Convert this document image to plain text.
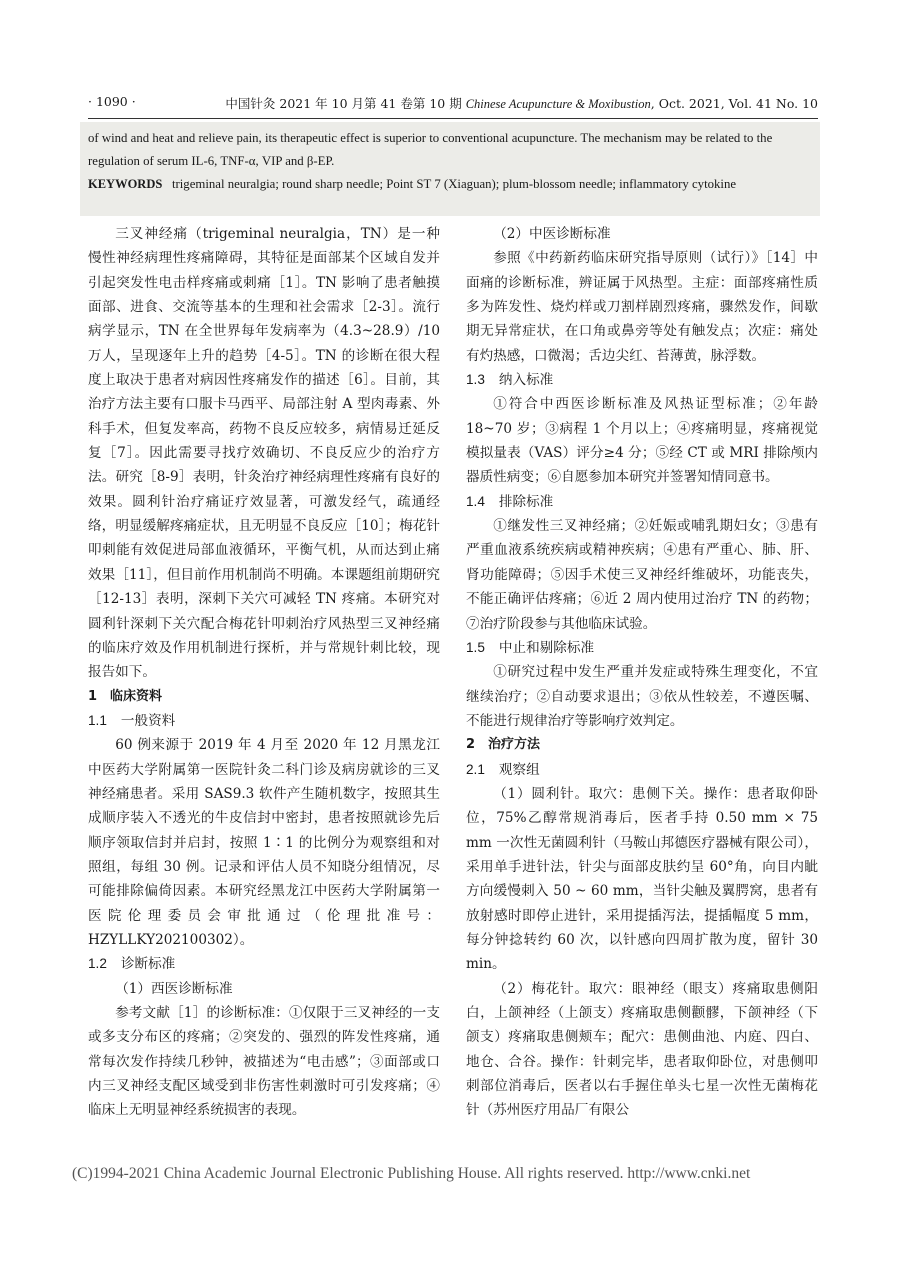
· 1090 ·	中国针灸 2021 年 10 月第 41 卷第 10 期 Chinese Acupuncture & Moxibustion, Oct. 2021, Vol. 41 No. 10
of wind and heat and relieve pain, its therapeutic effect is superior to conventional acupuncture. The mechanism may be related to the regulation of serum IL-6, TNF-α, VIP and β-EP.
KEYWORDS trigeminal neuralgia; round sharp needle; Point ST 7 (Xiaguan); plum-blossom needle; inflammatory cytokine

三叉神经痛（trigeminal neuralgia，TN）是一种慢性神经病理性疼痛障碍，其特征是面部某个区域自发并引起突发性电击样疼痛或刺痛［1］。TN 影响了患者触摸面部、进食、交流等基本的生理和社会需求［2-3］。流行病学显示，TN 在全世界每年发病率为（4.3~28.9）/10 万人，呈现逐年上升的趋势［4-5］。TN 的诊断在很大程度上取决于患者对病因性疼痛发作的描述［6］。目前，其治疗方法主要有口服卡马西平、局部注射 A 型肉毒素、外科手术，但复发率高，药物不良反应较多，病情易迁延反复［7］。因此需要寻找疗效确切、不良反应少的治疗方法。研究［8-9］表明，针灸治疗神经病理性疼痛有良好的效果。圆利针治疗痛证疗效显著，可激发经气，疏通经络，明显缓解疼痛症状，且无明显不良反应［10］；梅花针叩刺能有效促进局部血液循环，平衡气机，从而达到止痛效果［11］，但目前作用机制尚不明确。本课题组前期研究［12-13］表明，深刺下关穴可减轻 TN 疼痛。本研究对圆利针深刺下关穴配合梅花针叩刺治疗风热型三叉神经痛的临床疗效及作用机制进行探析，并与常规针刺比较，现报告如下。

1　临床资料

1.1 一般资料

60 例来源于 2019 年 4 月至 2020 年 12 月黑龙江中医药大学附属第一医院针灸二科门诊及病房就诊的三叉神经痛患者。采用 SAS9.3 软件产生随机数字，按照其生成顺序装入不透光的牛皮信封中密封，患者按照就诊先后顺序领取信封并启封，按照 1∶1 的比例分为观察组和对照组，每组 30 例。记录和评估人员不知晓分组情况，尽可能排除偏倚因素。本研究经黑龙江中医药大学附属第一医院伦理委员会审批通过（伦理批准号：HZYLLKY202100302）。

1.2 诊断标准

（1）西医诊断标准

参考文献［1］的诊断标准：①仅限于三叉神经的一支或多支分布区的疼痛；②突发的、强烈的阵发性疼痛，通常每次发作持续几秒钟，被描述为“电击感”；③面部或口内三叉神经支配区域受到非伤害性刺激时可引发疼痛；④临床上无明显神经系统损害的表现。

（2）中医诊断标准

参照《中药新药临床研究指导原则（试行）》［14］中面痛的诊断标准，辨证属于风热型。主症：面部疼痛性质多为阵发性、烧灼样或刀割样剧烈疼痛，骤然发作，间歇期无异常症状，在口角或鼻旁等处有触发点；次症：痛处有灼热感，口微渴；舌边尖红、苔薄黄，脉浮数。

1.3 纳入标准

①符合中西医诊断标准及风热证型标准；②年龄 18~70 岁；③病程 1 个月以上；④疼痛明显，疼痛视觉模拟量表（VAS）评分≥4 分；⑤经 CT 或 MRI 排除颅内器质性病变；⑥自愿参加本研究并签署知情同意书。

1.4 排除标准

①继发性三叉神经痛；②妊娠或哺乳期妇女；③患有严重血液系统疾病或精神疾病；④患有严重心、肺、肝、肾功能障碍；⑤因手术使三叉神经纤维破坏，功能丧失，不能正确评估疼痛；⑥近 2 周内使用过治疗 TN 的药物；⑦治疗阶段参与其他临床试验。

1.5 中止和剔除标准

①研究过程中发生严重并发症或特殊生理变化，不宜继续治疗；②自动要求退出；③依从性较差，不遵医嘱、不能进行规律治疗等影响疗效判定。

2　治疗方法

2.1 观察组

（1）圆利针。取穴：患侧下关。操作：患者取仰卧位，75%乙醇常规消毒后，医者手持 0.50 mm × 75 mm 一次性无菌圆利针（马鞍山邦德医疗器械有限公司），采用单手进针法，针尖与面部皮肤约呈 60°角，向目内眦方向缓慢刺入 50 ~ 60 mm，当针尖触及翼腭窝，患者有放射感时即停止进针，采用提插泻法，提插幅度 5 mm，每分钟捻转约 60 次，以针感向四周扩散为度，留针 30 min。

（2）梅花针。取穴：眼神经（眼支）疼痛取患侧阳白，上颌神经（上颌支）疼痛取患侧颧髎，下颌神经（下颌支）疼痛取患侧颊车；配穴：患侧曲池、内庭、四白、地仓、合谷。操作：针刺完毕，患者取仰卧位，对患侧叩刺部位消毒后，医者以右手握住单头七星一次性无菌梅花针（苏州医疗用品厂有限公

(C)1994-2021 China Academic Journal Electronic Publishing House. All rights reserved. http://www.cnki.net
